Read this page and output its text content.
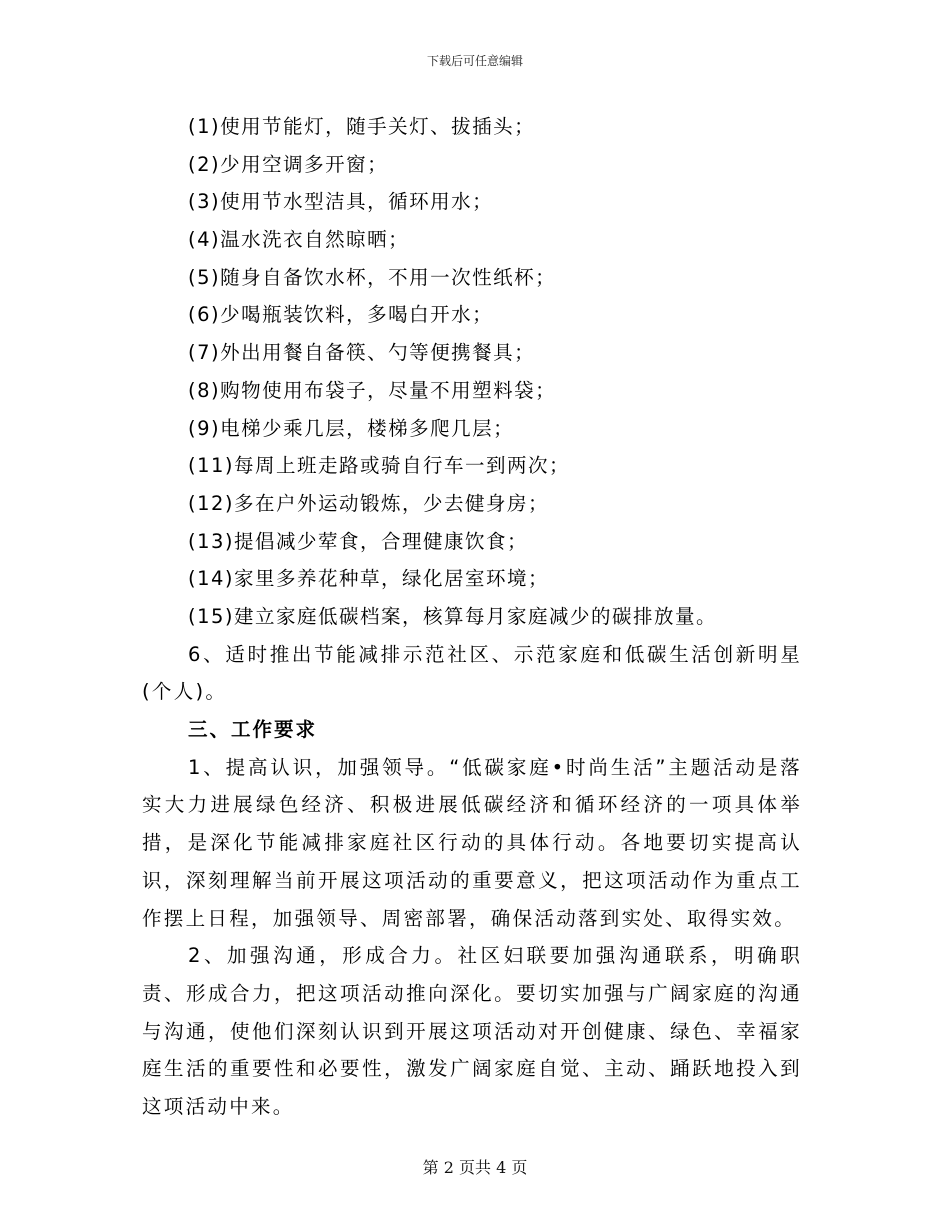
下载后可任意编辑
(1)使用节能灯，随手关灯、拔插头；
(2)少用空调多开窗；
(3)使用节水型洁具，循环用水；
(4)温水洗衣自然晾晒；
(5)随身自备饮水杯，不用一次性纸杯；
(6)少喝瓶装饮料，多喝白开水；
(7)外出用餐自备筷、勺等便携餐具；
(8)购物使用布袋子，尽量不用塑料袋；
(9)电梯少乘几层，楼梯多爬几层；
(11)每周上班走路或骑自行车一到两次；
(12)多在户外运动锻炼，少去健身房；
(13)提倡减少荤食，合理健康饮食；
(14)家里多养花种草，绿化居室环境；
(15)建立家庭低碳档案，核算每月家庭减少的碳排放量。

6、适时推出节能减排示范社区、示范家庭和低碳生活创新明星(个人)。

三、工作要求

1、提高认识，加强领导。“低碳家庭•时尚生活”主题活动是落实大力进展绿色经济、积极进展低碳经济和循环经济的一项具体举措，是深化节能减排家庭社区行动的具体行动。各地要切实提高认识，深刻理解当前开展这项活动的重要意义，把这项活动作为重点工作摆上日程，加强领导、周密部署，确保活动落到实处、取得实效。

2、加强沟通，形成合力。社区妇联要加强沟通联系，明确职责、形成合力，把这项活动推向深化。要切实加强与广阔家庭的沟通与沟通，使他们深刻认识到开展这项活动对开创健康、绿色、幸福家庭生活的重要性和必要性，激发广阔家庭自觉、主动、踊跃地投入到这项活动中来。

第 2 页共 4 页
